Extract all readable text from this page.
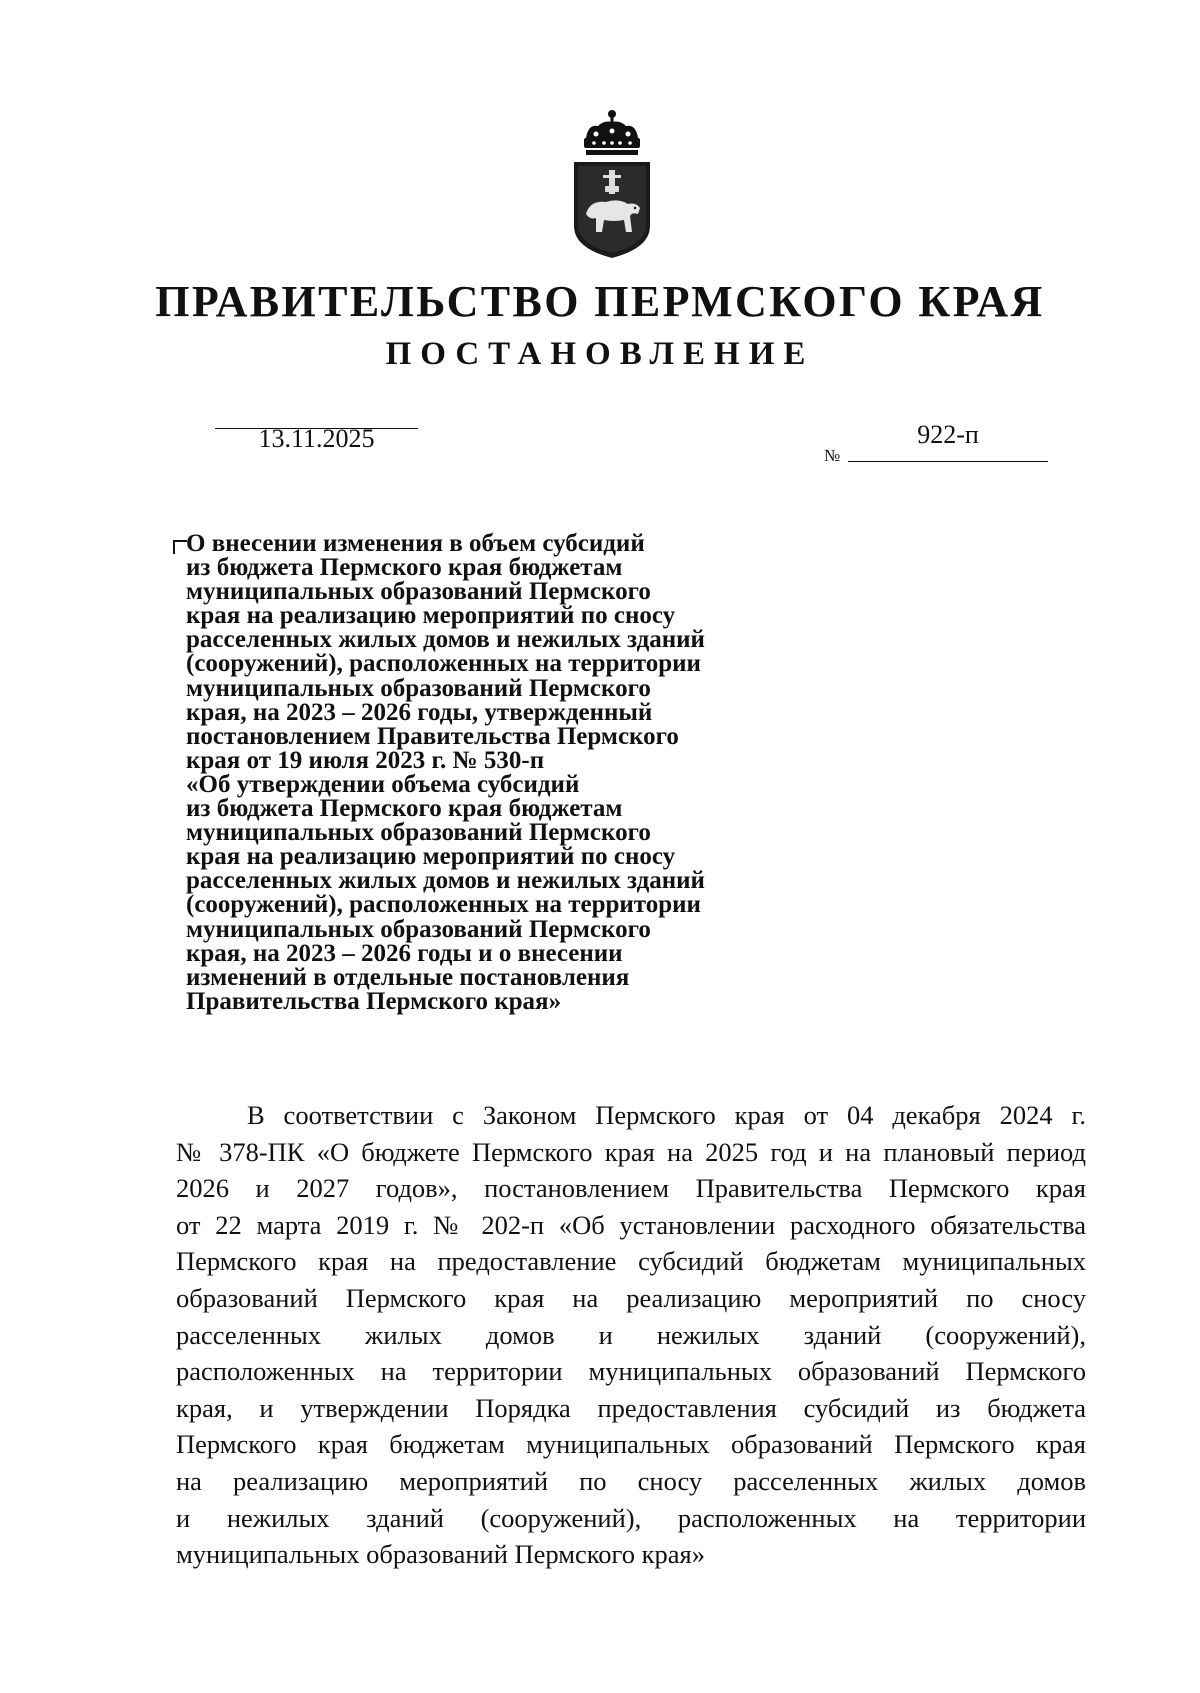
ПРАВИТЕЛЬСТВО ПЕРМСКОГО КРАЯ
ПОСТАНОВЛЕНИЕ
13.11.2025
№
922-п
О внесении изменения в объем субсидий
из бюджета Пермского края бюджетам
муниципальных образований Пермского
края на реализацию мероприятий по сносу
расселенных жилых домов и нежилых зданий
(сооружений), расположенных на территории
муниципальных образований Пермского
края, на 2023 – 2026 годы, утвержденный
постановлением Правительства Пермского
края от 19 июля 2023 г. № 530-п
«Об утверждении объема субсидий
из бюджета Пермского края бюджетам
муниципальных образований Пермского
края на реализацию мероприятий по сносу
расселенных жилых домов и нежилых зданий
(сооружений), расположенных на территории
муниципальных образований Пермского
края, на 2023 – 2026 годы и о внесении
изменений в отдельные постановления
Правительства Пермского края»
В соответствии с Законом Пермского края от 04 декабря 2024 г.
№ 378-ПК «О бюджете Пермского края на 2025 год и на плановый период
2026 и 2027 годов», постановлением Правительства Пермского края
от 22 марта 2019 г. № 202-п «Об установлении расходного обязательства
Пермского края на предоставление субсидий бюджетам муниципальных
образований Пермского края на реализацию мероприятий по сносу
расселенных жилых домов и нежилых зданий (сооружений),
расположенных на территории муниципальных образований Пермского
края, и утверждении Порядка предоставления субсидий из бюджета
Пермского края бюджетам муниципальных образований Пермского края
на реализацию мероприятий по сносу расселенных жилых домов
и нежилых зданий (сооружений), расположенных на территории
муниципальных образований Пермского края»
